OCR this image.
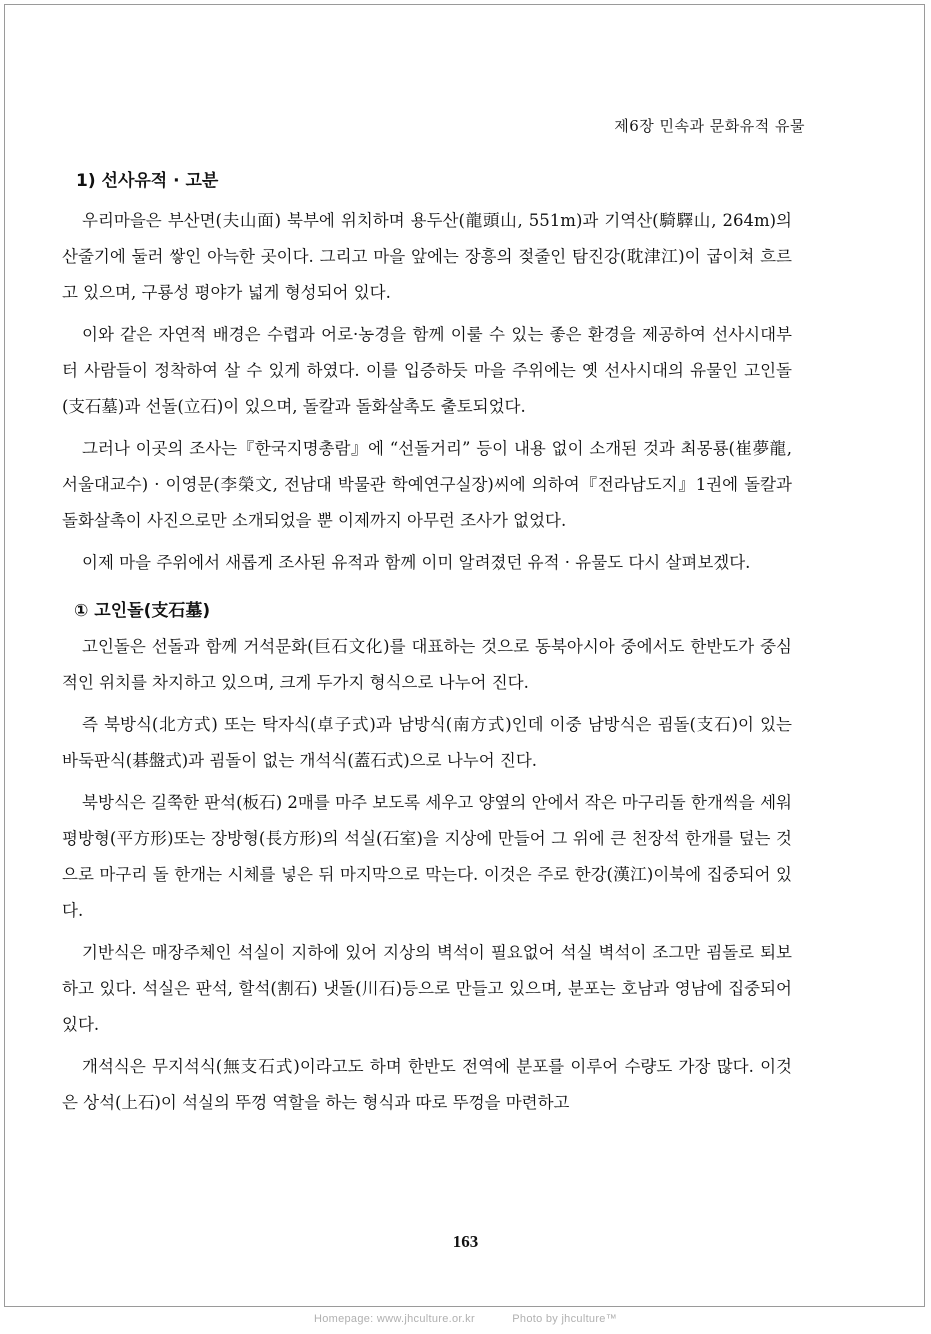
제6장 민속과 문화유적 유물
1) 선사유적 · 고분

우리마을은 부산면(夫山面) 북부에 위치하며 용두산(龍頭山, 551m)과 기역산(騎驛山, 264m)의 산줄기에 둘러 쌓인 아늑한 곳이다. 그리고 마을 앞에는 장흥의 젖줄인 탐진강(耽津江)이 굽이쳐 흐르고 있으며, 구룡성 평야가 넓게 형성되어 있다.

이와 같은 자연적 배경은 수렵과 어로·농경을 함께 이룰 수 있는 좋은 환경을 제공하여 선사시대부터 사람들이 정착하여 살 수 있게 하였다. 이를 입증하듯 마을 주위에는 옛 선사시대의 유물인 고인돌(支石墓)과 선돌(立石)이 있으며, 돌칼과 돌화살촉도 출토되었다.

그러나 이곳의 조사는『한국지명총람』에 “선돌거리” 등이 내용 없이 소개된 것과 최몽룡(崔夢龍, 서울대교수) · 이영문(李榮文, 전남대 박물관 학예연구실장)씨에 의하여『전라남도지』1권에 돌칼과 돌화살촉이 사진으로만 소개되었을 뿐 이제까지 아무런 조사가 없었다.

이제 마을 주위에서 새롭게 조사된 유적과 함께 이미 알려졌던 유적 · 유물도 다시 살펴보겠다.

① 고인돌(支石墓)

고인돌은 선돌과 함께 거석문화(巨石文化)를 대표하는 것으로 동북아시아 중에서도 한반도가 중심적인 위치를 차지하고 있으며, 크게 두가지 형식으로 나누어 진다.

즉 북방식(北方式) 또는 탁자식(卓子式)과 남방식(南方式)인데 이중 남방식은 굄돌(支石)이 있는 바둑판식(碁盤式)과 굄돌이 없는 개석식(蓋石式)으로 나누어 진다.

북방식은 길쭉한 판석(板石) 2매를 마주 보도록 세우고 양옆의 안에서 작은 마구리돌 한개씩을 세워 평방형(平方形)또는 장방형(長方形)의 석실(石室)을 지상에 만들어 그 위에 큰 천장석 한개를 덮는 것으로 마구리 돌 한개는 시체를 넣은 뒤 마지막으로 막는다. 이것은 주로 한강(漢江)이북에 집중되어 있다.

기반식은 매장주체인 석실이 지하에 있어 지상의 벽석이 필요없어 석실 벽석이 조그만 굄돌로 퇴보하고 있다. 석실은 판석, 할석(割石) 냇돌(川石)등으로 만들고 있으며, 분포는 호남과 영남에 집중되어 있다.

개석식은 무지석식(無支石式)이라고도 하며 한반도 전역에 분포를 이루어 수량도 가장 많다. 이것은 상석(上石)이 석실의 뚜껑 역할을 하는 형식과 따로 뚜껑을 마련하고

163
Homepage: www.jhculture.or.kr	Photo by jhculture™
